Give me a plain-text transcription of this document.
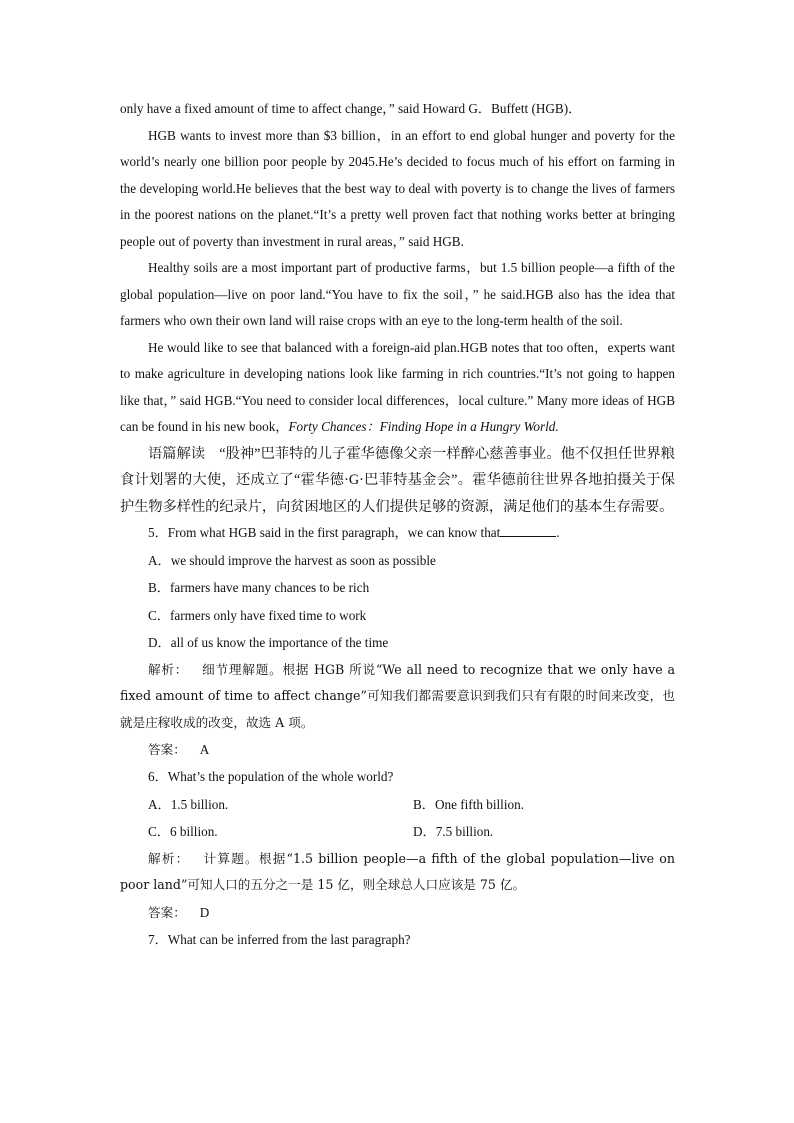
only have a fixed amount of time to affect change，” said Howard G．Buffett (HGB)．

HGB wants to invest more than $3 billion，in an effort to end global hunger and poverty for the world’s nearly one billion poor people by 2045.He’s decided to focus much of his effort on farming in the developing world.He believes that the best way to deal with poverty is to change the lives of farmers in the poorest nations on the planet.“It’s a pretty well proven fact that nothing works better at bringing people out of poverty than investment in rural areas，” said HGB.

Healthy soils are a most important part of productive farms，but 1.5 billion people—a fifth of the global population—live on poor land.“You have to fix the soil，” he said.HGB also has the idea that farmers who own their own land will raise crops with an eye to the long-term health of the soil.

He would like to see that balanced with a foreign-aid plan.HGB notes that too often，experts want to make agriculture in developing nations look like farming in rich countries.“It’s not going to happen like that，” said HGB.“You need to consider local differences，local culture.” Many more ideas of HGB can be found in his new book，Forty Chances：Finding Hope in a Hungry World.

语篇解读 “股神”巴菲特的儿子霍华德像父亲一样醉心慈善事业。他不仅担任世界粮食计划署的大使，还成立了“霍华德·G·巴菲特基金会”。霍华德前往世界各地拍摄关于保护生物多样性的纪录片，向贫困地区的人们提供足够的资源，满足他们的基本生存需要。

5．From what HGB said in the first paragraph，we can know that	.

A．we should improve the harvest as soon as possible

B．farmers have many chances to be rich

C．farmers only have fixed time to work

D．all of us know the importance of the time

解析： 细节理解题。根据 HGB 所说“We all need to recognize that we only have a fixed amount of time to affect change”可知我们都需要意识到我们只有有限的时间来改变，也就是庄稼收成的改变，故选 A 项。

答案： A

6．What’s the population of the whole world?

A．1.5 billion.	B．One fifth billion.
C．6 billion.	D．7.5 billion.

解析： 计算题。根据“1.5 billion people—a fifth of the global population—live on poor land”可知人口的五分之一是 15 亿，则全球总人口应该是 75 亿。

答案： D

7．What can be inferred from the last paragraph?
